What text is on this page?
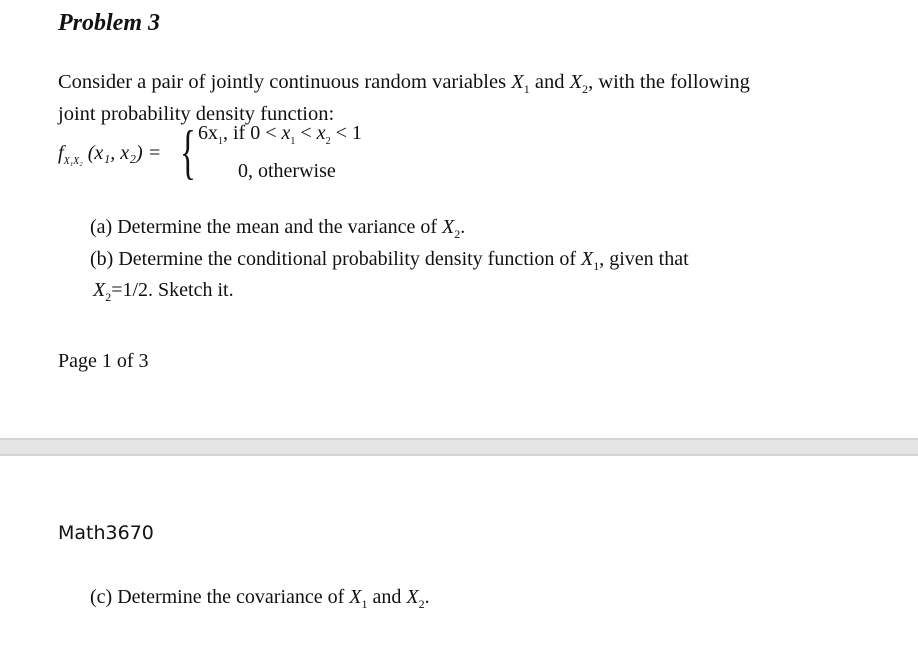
Problem 3
Consider a pair of jointly continuous random variables $X_1$ and $X_2$, with the following
joint probability density function:
$f_{X_1X_2}$ (x₁, x₂) = { $6x_1$, if $0 < x_1 < x_2 < 1$
0, otherwise
(a) Determine the mean and the variance of $X_2$.
(b) Determine the conditional probability density function of $X_1$, given that
$X_2=1/2$. Sketch it.
Page 1 of 3
Math3670
(c) Determine the covariance of $X_1$ and $X_2$.
